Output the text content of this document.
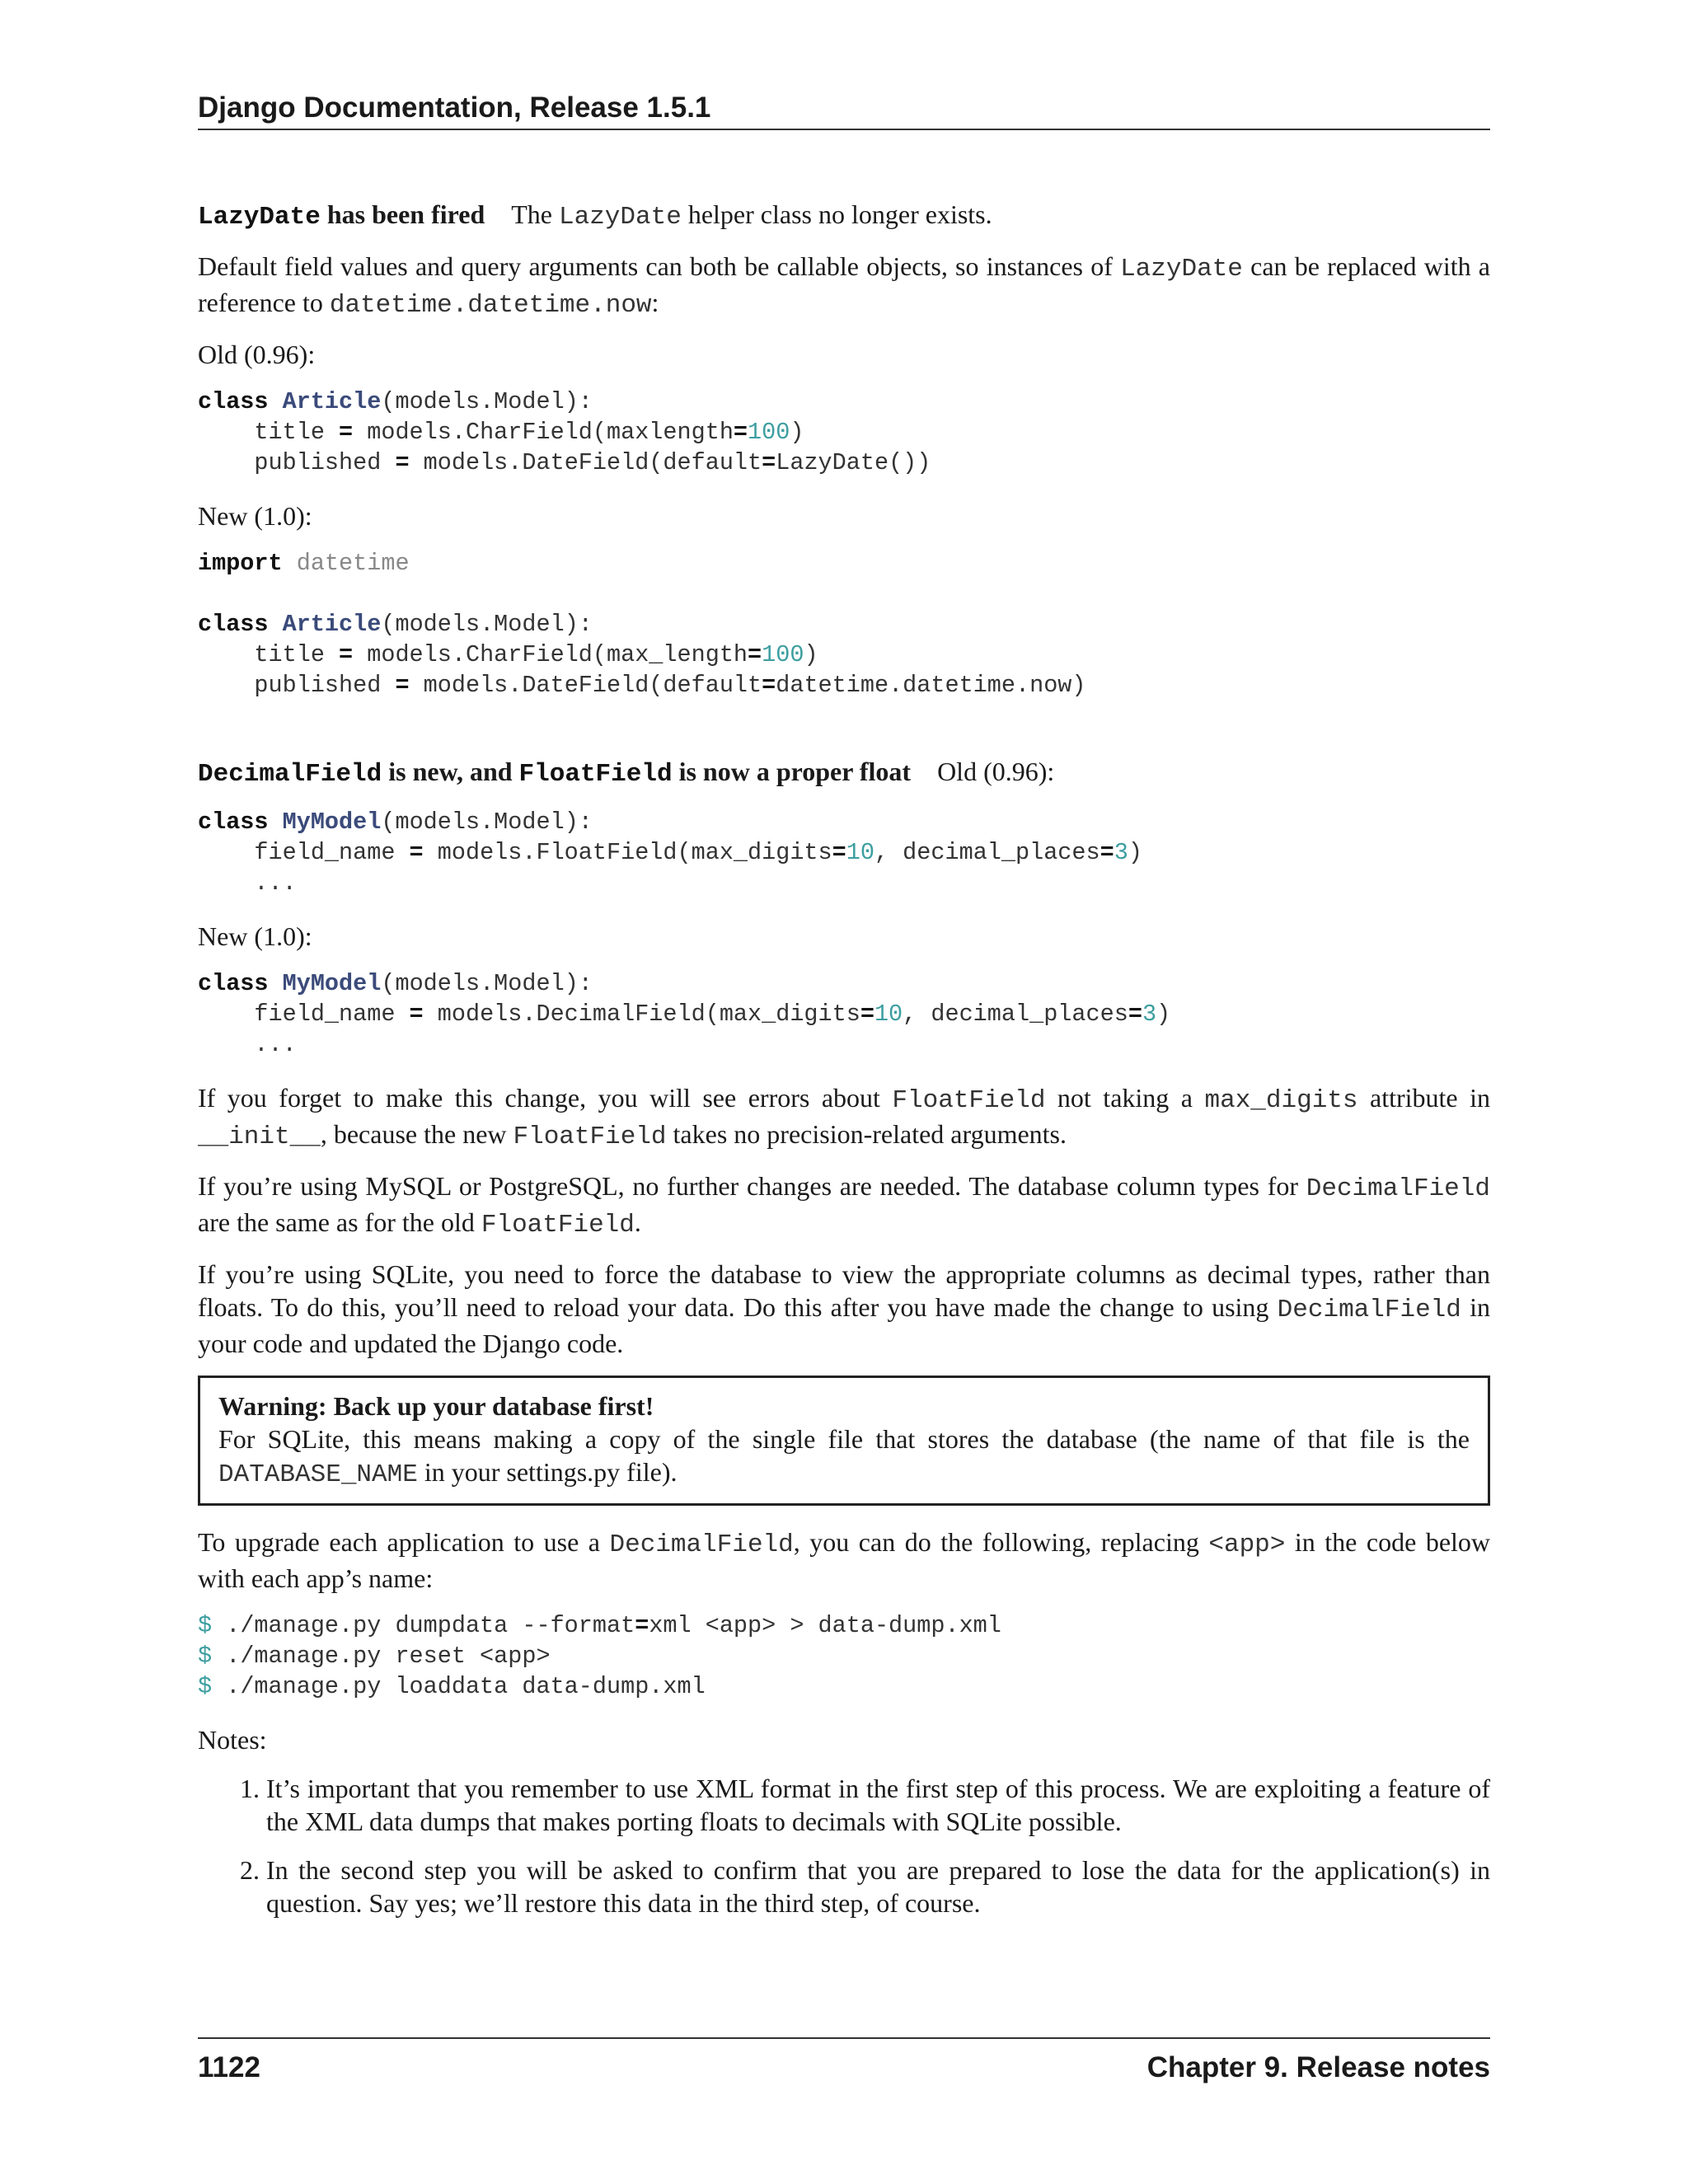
Django Documentation, Release 1.5.1

LazyDate has been fired The LazyDate helper class no longer exists.

Default field values and query arguments can both be callable objects, so instances of LazyDate can be replaced with a reference to datetime.datetime.now:

Old (0.96):

class Article(models.Model):
title = models.CharField(maxlength=100)
published = models.DateField(default=LazyDate())

New (1.0):

import datetime

class Article(models.Model):
title = models.CharField(max_length=100)
published = models.DateField(default=datetime.datetime.now)

DecimalField is new, and FloatField is now a proper float Old (0.96):

class MyModel(models.Model):
field_name = models.FloatField(max_digits=10, decimal_places=3)
...

New (1.0):

class MyModel(models.Model):
field_name = models.DecimalField(max_digits=10, decimal_places=3)
...

If you forget to make this change, you will see errors about FloatField not taking a max_digits attribute in __init__, because the new FloatField takes no precision-related arguments.

If you’re using MySQL or PostgreSQL, no further changes are needed. The database column types for DecimalField are the same as for the old FloatField.

If you’re using SQLite, you need to force the database to view the appropriate columns as decimal types, rather than floats. To do this, you’ll need to reload your data. Do this after you have made the change to using DecimalField in your code and updated the Django code.

Warning: Back up your database first!
For SQLite, this means making a copy of the single file that stores the database (the name of that file is the DATABASE_NAME in your settings.py file).

To upgrade each application to use a DecimalField, you can do the following, replacing <app> in the code below with each app’s name:

$ ./manage.py dumpdata --format=xml <app> > data-dump.xml
$ ./manage.py reset <app>
$ ./manage.py loaddata data-dump.xml

Notes:

1. It’s important that you remember to use XML format in the first step of this process. We are exploiting a feature of the XML data dumps that makes porting floats to decimals with SQLite possible.
2. In the second step you will be asked to confirm that you are prepared to lose the data for the application(s) in question. Say yes; we’ll restore this data in the third step, of course.
1122	Chapter 9. Release notes
